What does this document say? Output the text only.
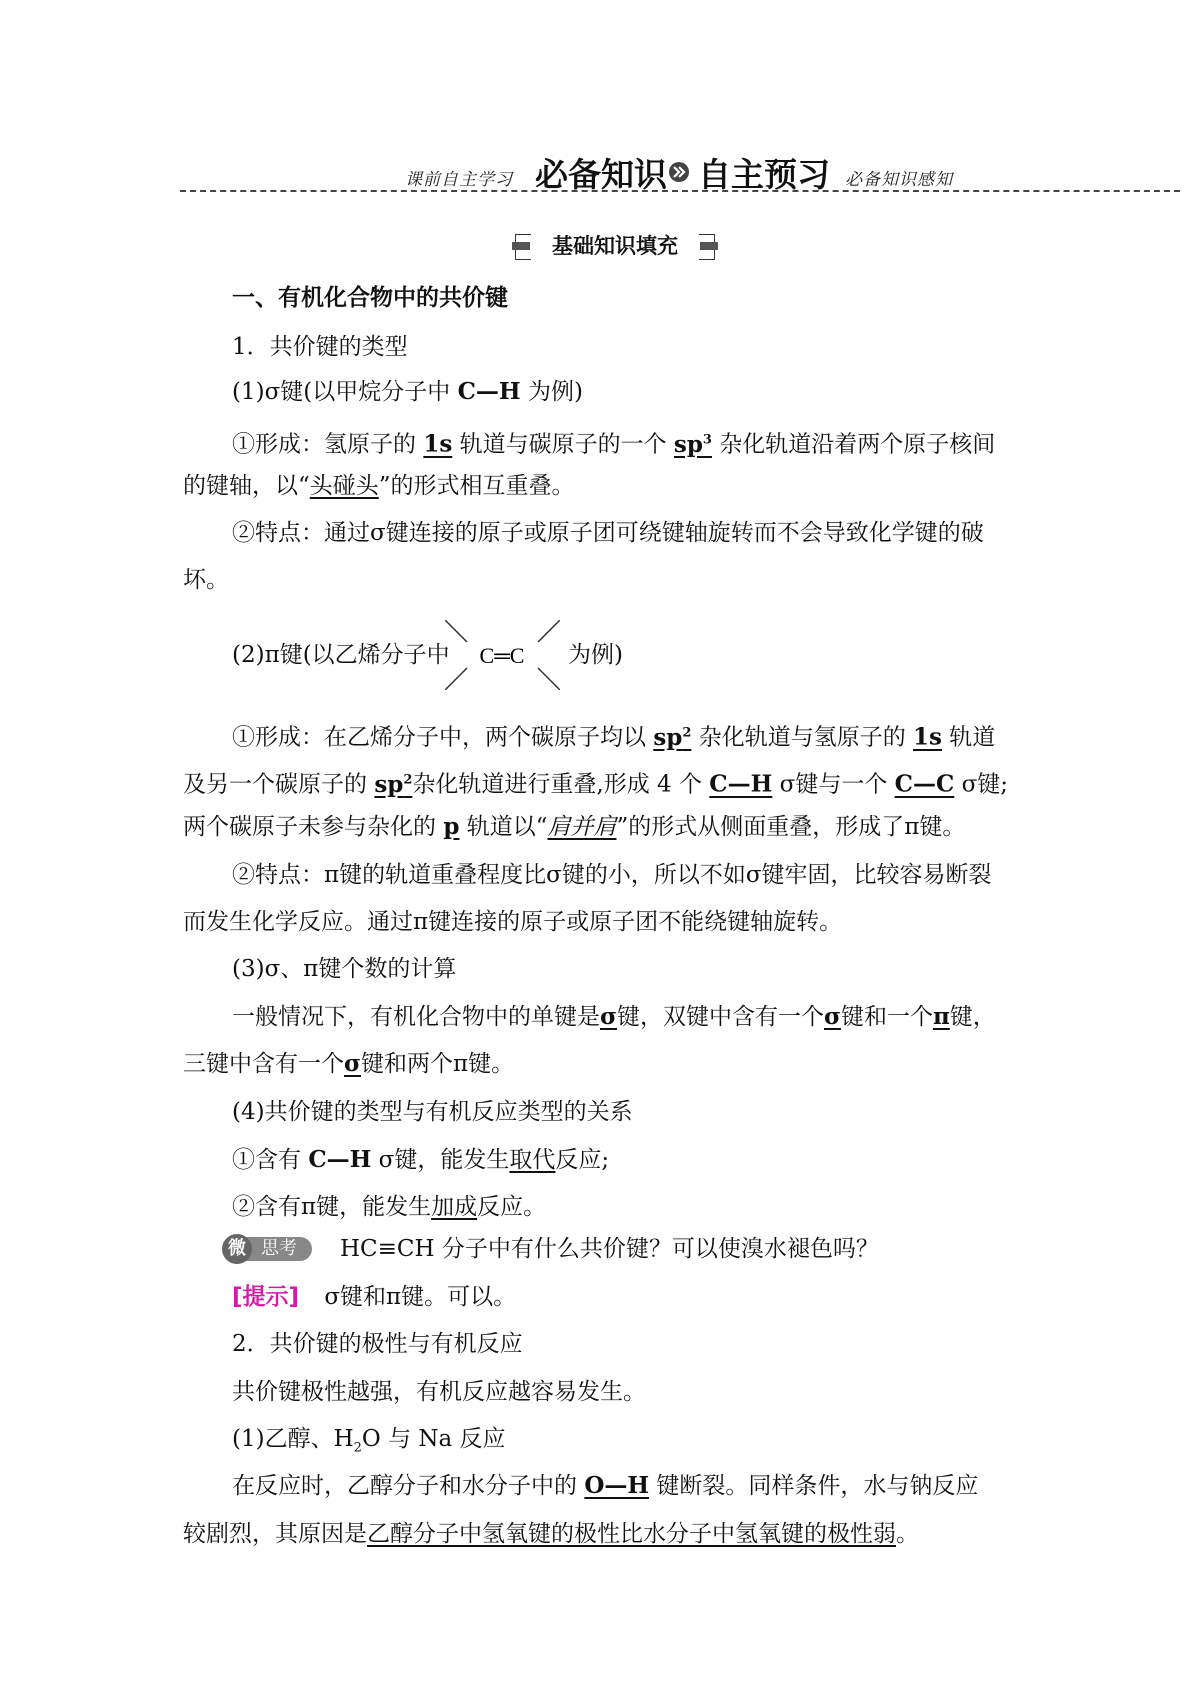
课前自主学习 必备知识 自主预习 必备知识感知
基础知识填充
一、有机化合物中的共价键
1．共价键的类型
(1)σ键(以甲烷分子中 C—H 为例)
①形成：氢原子的 1s 轨道与碳原子的一个 $sp^3$ 杂化轨道沿着两个原子核间
的键轴，以“头碰头”的形式相互重叠。
②特点：通过σ键连接的原子或原子团可绕键轴旋转而不会导致化学键的破
坏。
(2)π键(以乙烯分子中 C═C 为例)
①形成：在乙烯分子中，两个碳原子均以 $sp^2$ 杂化轨道与氢原子的 1s 轨道
及另一个碳原子的 $sp^2$杂化轨道进行重叠,形成 4 个 C—H σ键与一个 C—C σ键;
两个碳原子未参与杂化的 p 轨道以“肩并肩”的形式从侧面重叠，形成了π键。
②特点：π键的轨道重叠程度比σ键的小，所以不如σ键牢固，比较容易断裂
而发生化学反应。通过π键连接的原子或原子团不能绕键轴旋转。
(3)σ、π键个数的计算
一般情况下，有机化合物中的单键是σ键，双键中含有一个σ键和一个π键，
三键中含有一个σ键和两个π键。
(4)共价键的类型与有机反应类型的关系
①含有 C—H σ键，能发生取代反应;
②含有π键，能发生加成反应。
思考
微	HC≡CH 分子中有什么共价键？可以使溴水褪色吗？
[提示] σ键和π键。可以。
2．共价键的极性与有机反应
共价键极性越强，有机反应越容易发生。
(1)乙醇、$H_2O$ 与 Na 反应
在反应时，乙醇分子和水分子中的 O—H 键断裂。同样条件，水与钠反应
较剧烈，其原因是乙醇分子中氢氧键的极性比水分子中氢氧键的极性弱。
